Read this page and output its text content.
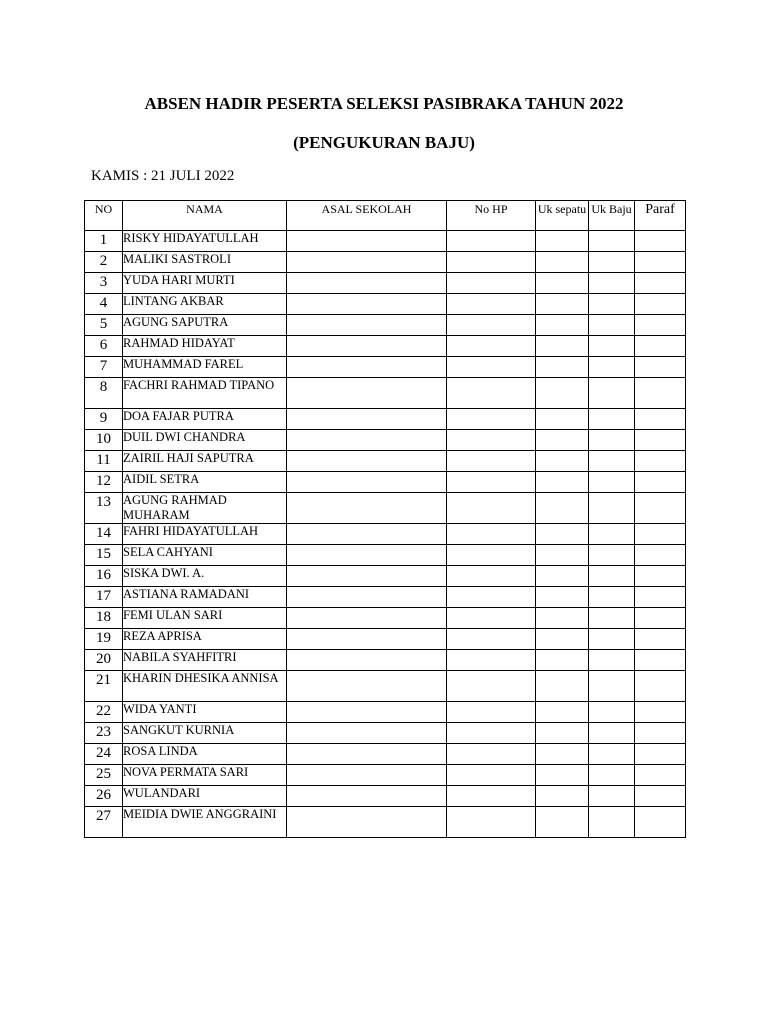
ABSEN HADIR PESERTA SELEKSI PASIBRAKA TAHUN 2022
(PENGUKURAN BAJU)
KAMIS : 21 JULI 2022
NO	NAMA	ASAL SEKOLAH	No HP	Uk sepatu	Uk Baju	Paraf
1	RISKY HIDAYATULLAH					
2	MALIKI SASTROLI					
3	YUDA HARI MURTI					
4	LINTANG AKBAR					
5	AGUNG SAPUTRA					
6	RAHMAD HIDAYAT					
7	MUHAMMAD FAREL					
8	FACHRI RAHMAD TIPANO					
9	DOA FAJAR PUTRA					
10	DUIL DWI CHANDRA					
11	ZAIRIL HAJI SAPUTRA					
12	AIDIL SETRA					
13	AGUNG RAHMAD MUHARAM					
14	FAHRI HIDAYATULLAH					
15	SELA CAHYANI					
16	SISKA DWI. A.					
17	ASTIANA RAMADANI					
18	FEMI ULAN SARI					
19	REZA APRISA					
20	NABILA SYAHFITRI					
21	KHARIN DHESIKA ANNISA					
22	WIDA YANTI					
23	SANGKUT KURNIA					
24	ROSA LINDA					
25	NOVA PERMATA SARI					
26	WULANDARI					
27	MEIDIA DWIE ANGGRAINI					
